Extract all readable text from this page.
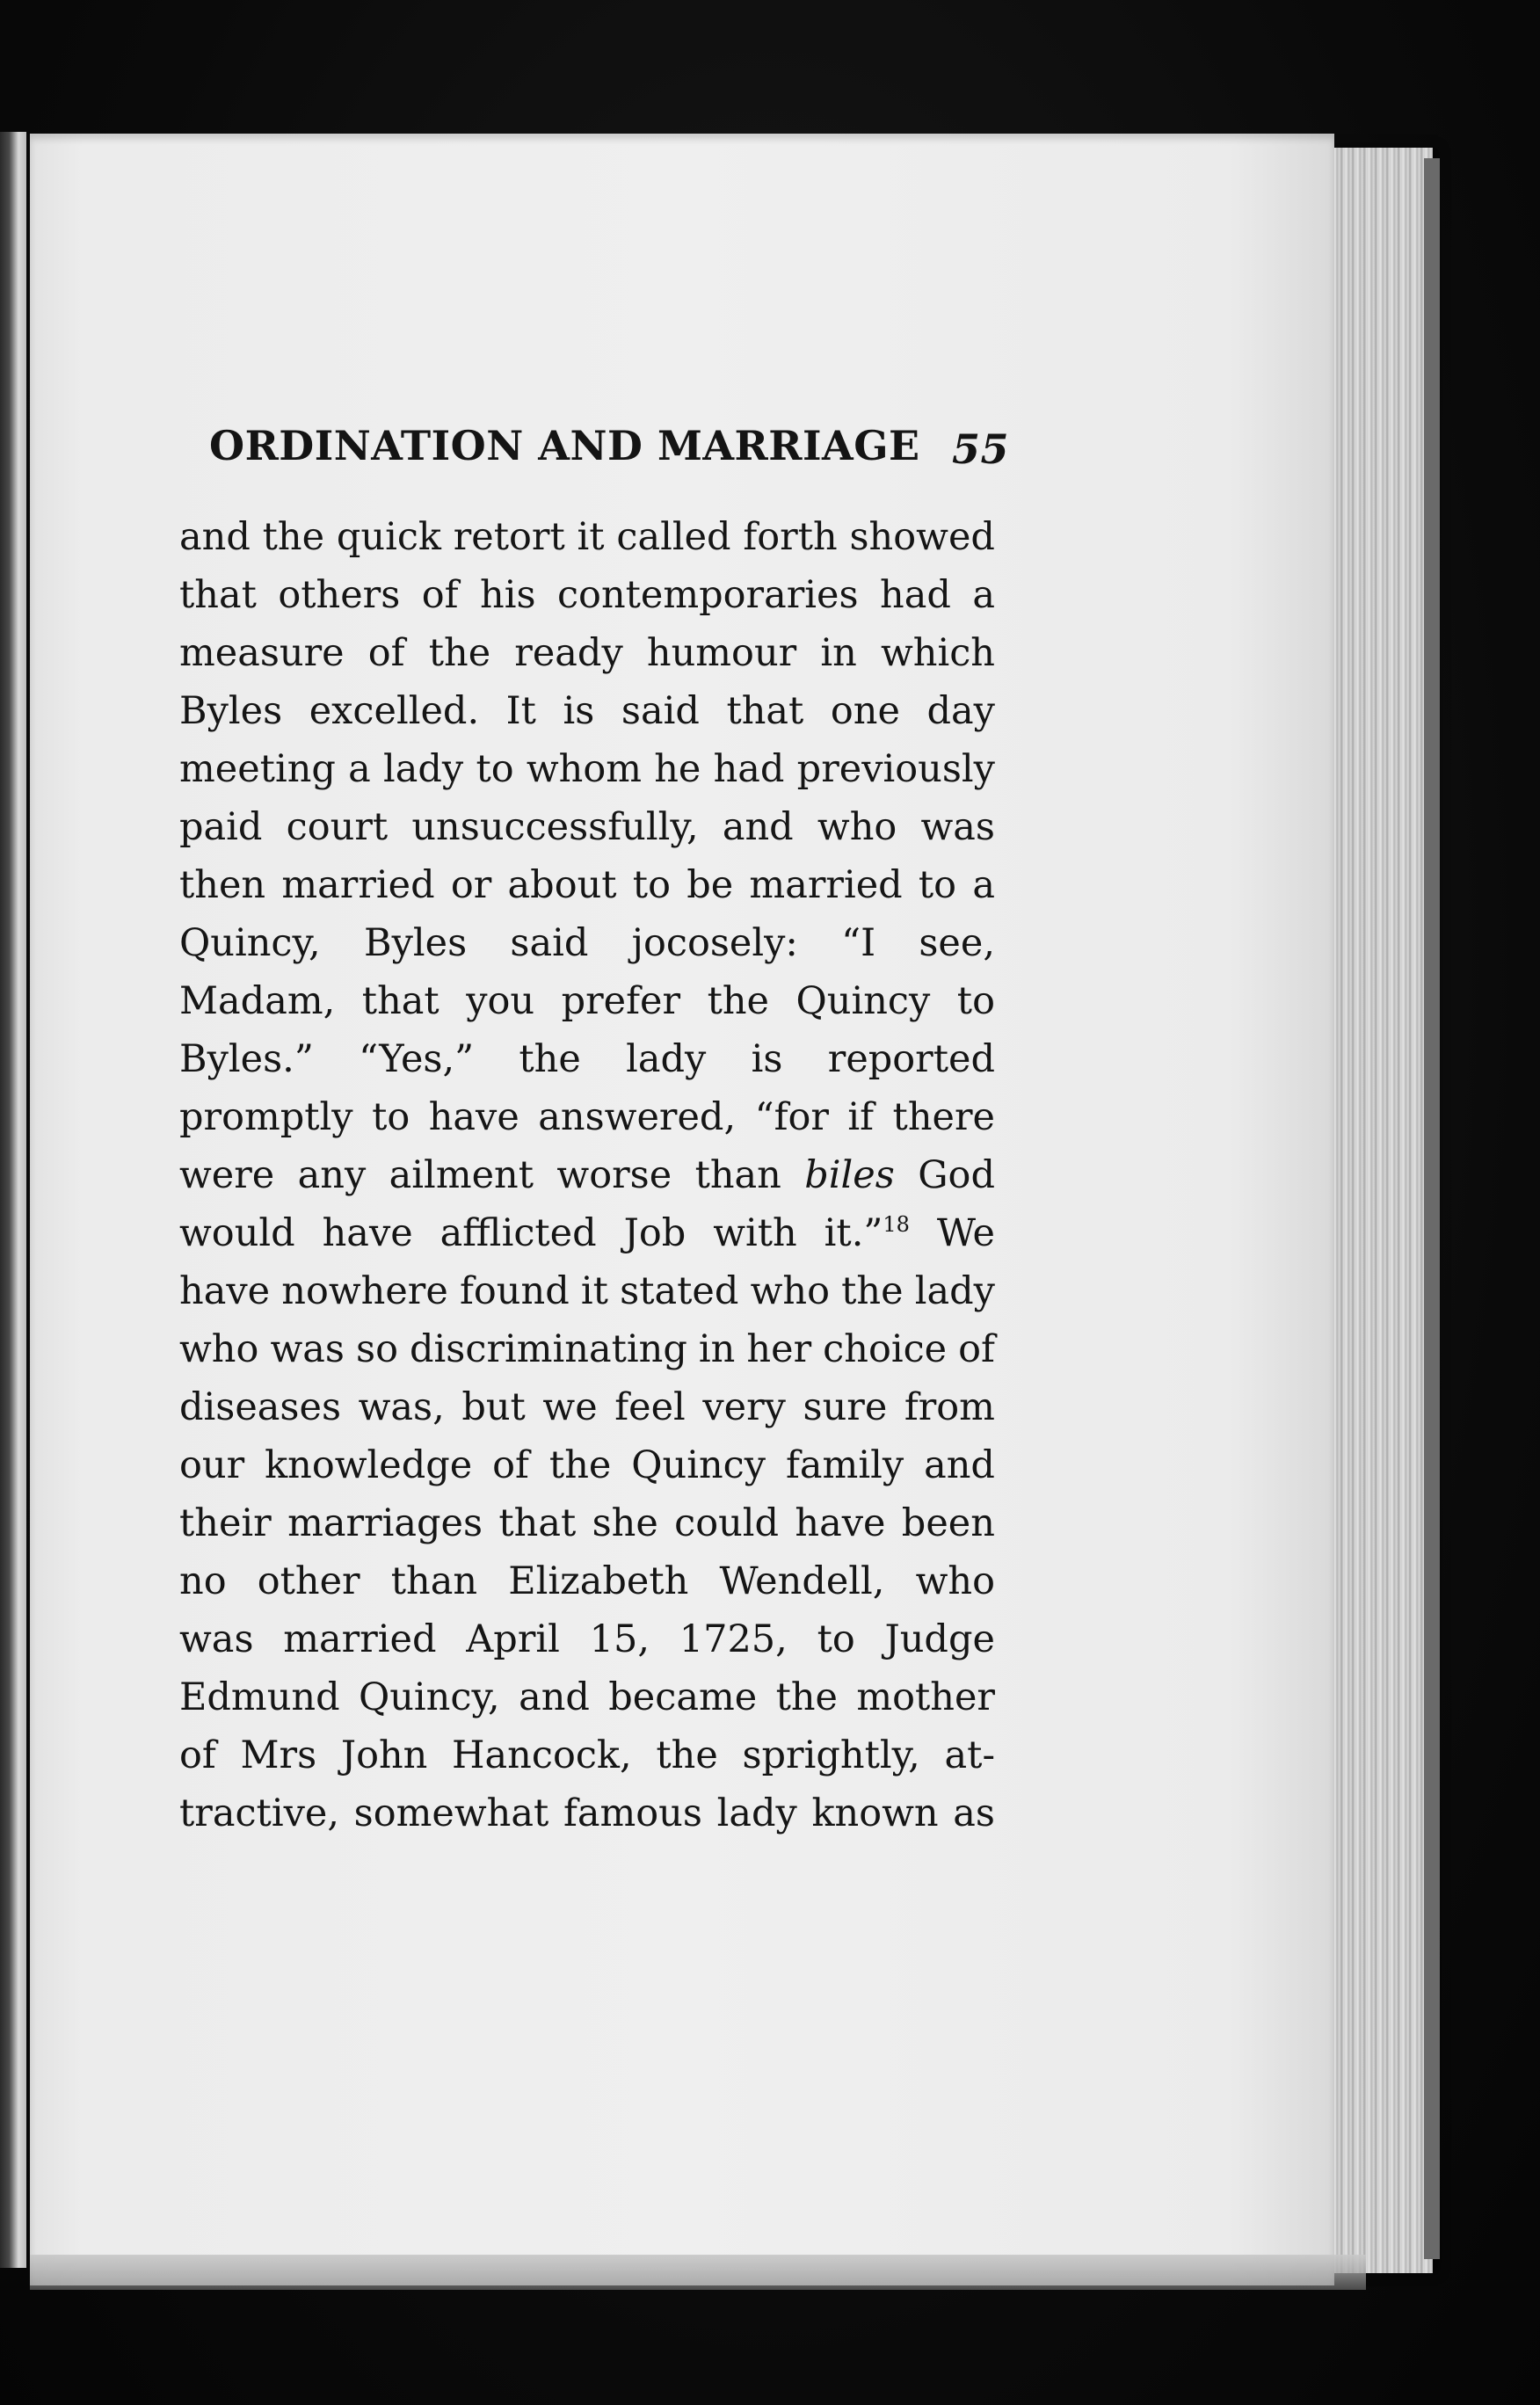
ORDINATION AND MARRIAGE 55
and the quick retort it called forth showed
that others of his contemporaries had a
measure of the ready humour in which
Byles excelled. It is said that one day
meeting a lady to whom he had previously
paid court unsuccessfully, and who was
then married or about to be married to a
Quincy, Byles said jocosely: “I see,
Madam, that you prefer the Quincy to
Byles.” “Yes,” the lady is reported
promptly to have answered, “for if there
were any ailment worse than biles God
would have afflicted Job with it.”18 We
have nowhere found it stated who the lady
who was so discriminating in her choice of
diseases was, but we feel very sure from
our knowledge of the Quincy family and
their marriages that she could have been
no other than Elizabeth Wendell, who
was married April 15, 1725, to Judge
Edmund Quincy, and became the mother
of Mrs John Hancock, the sprightly, at-
tractive, somewhat famous lady known as
